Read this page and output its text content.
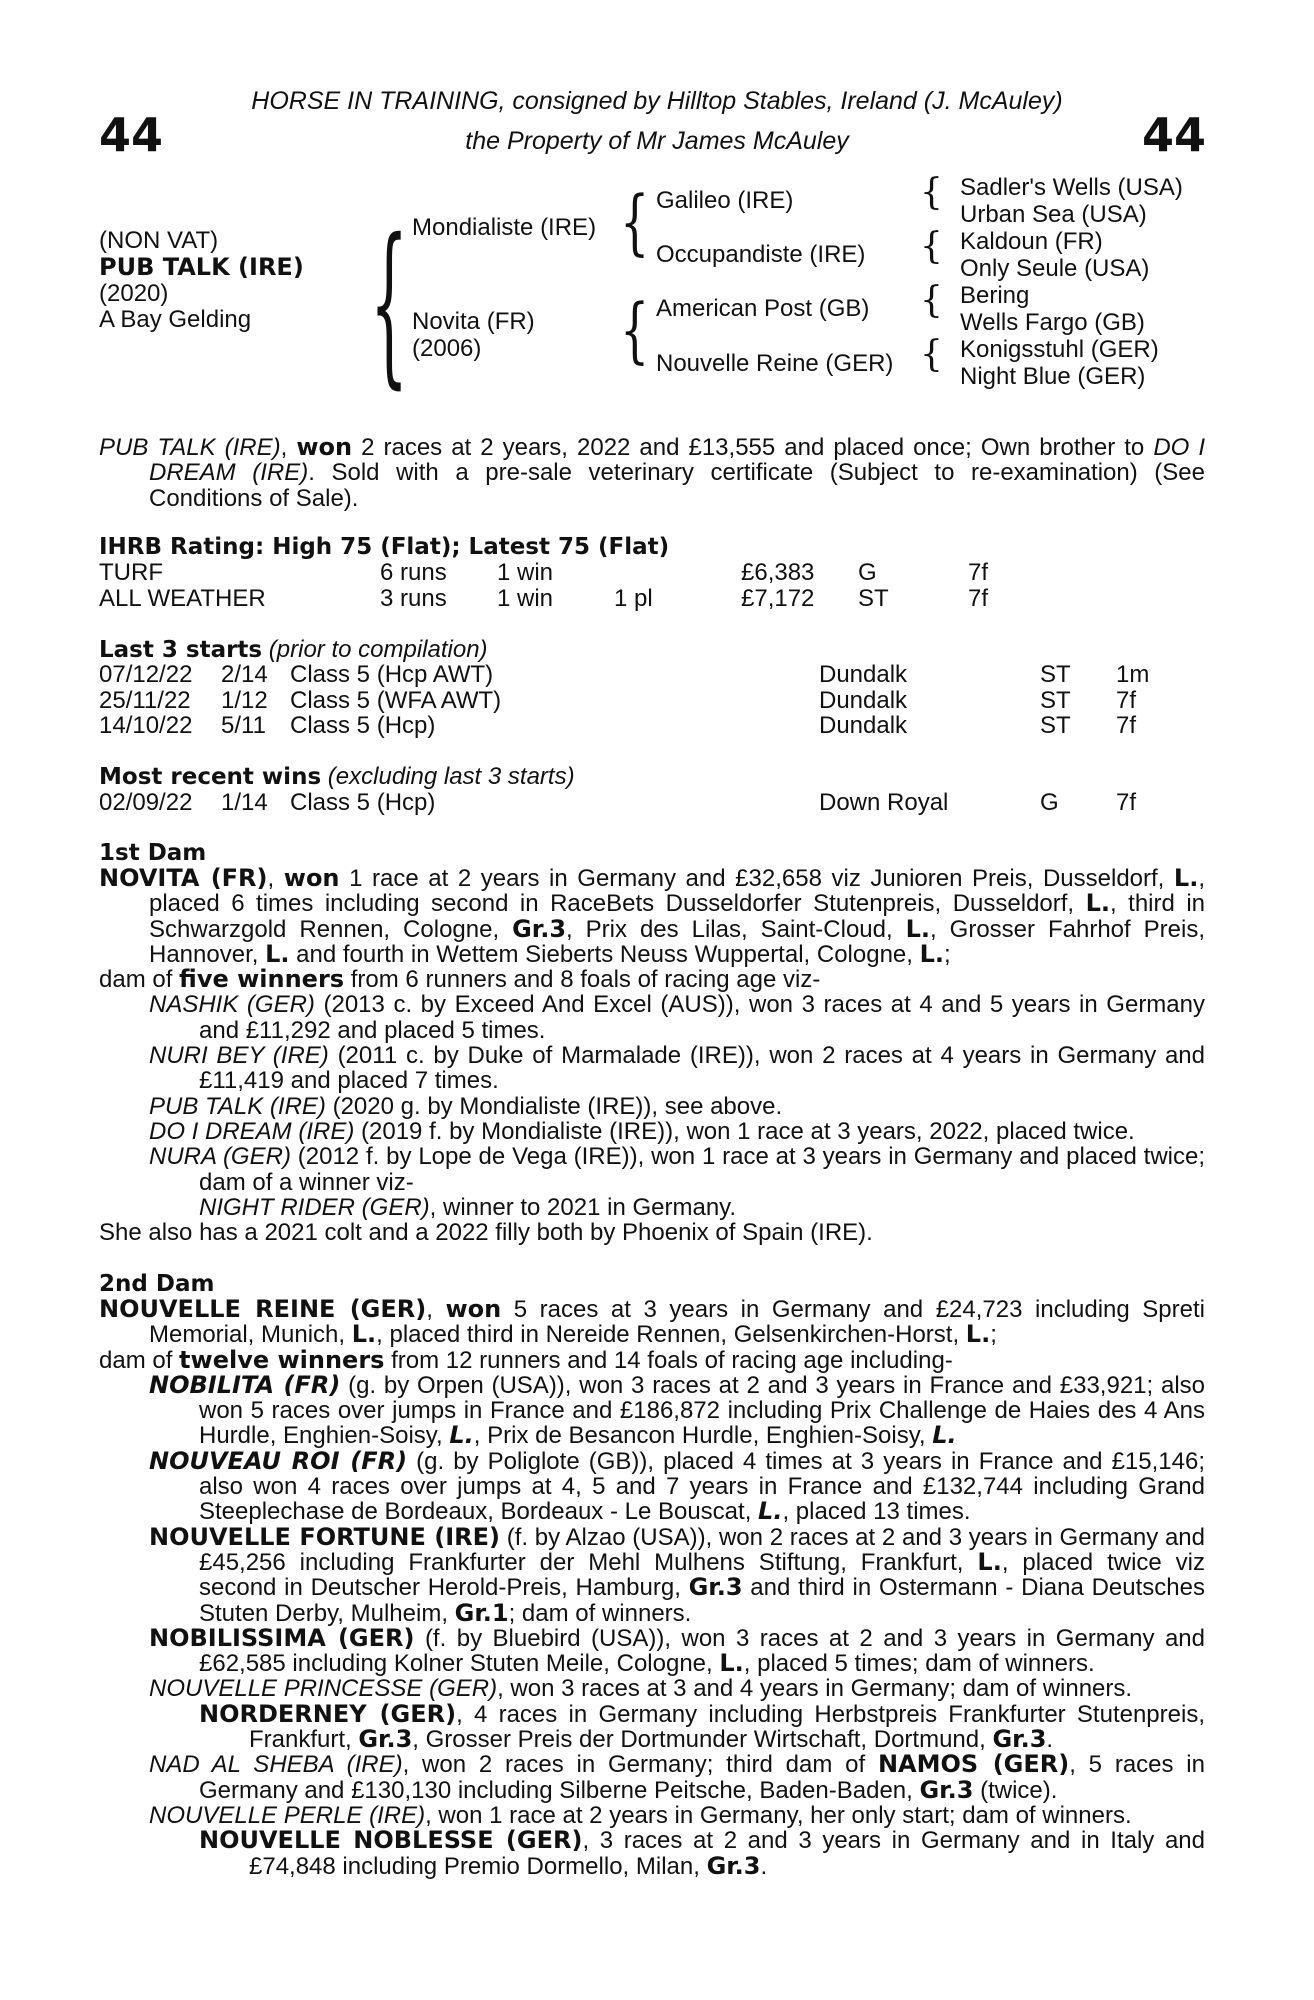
44	44
HORSE IN TRAINING, consigned by Hilltop Stables, Ireland (J. McAuley)
the Property of Mr James McAuley
(NON VAT)
PUB TALK (IRE)
(2020)
A Bay Gelding {	{
{
{
{
{
{
Mondialiste (IRE)
Novita (FR)
(2006)
Galileo (IRE)
Occupandiste (IRE)
American Post (GB)
Nouvelle Reine (GER)
Sadler's Wells (USA)
Urban Sea (USA)
Kaldoun (FR)
Only Seule (USA)
Bering
Wells Fargo (GB)
Konigsstuhl (GER)
Night Blue (GER)

PUB TALK (IRE), won 2 races at 2 years, 2022 and £13,555 and placed once; Own brother to DO I DREAM (IRE). Sold with a pre-sale veterinary certificate (Subject to re-examination) (See Conditions of Sale).

IHRB Rating: High 75 (Flat); Latest 75 (Flat)
TURF	6 runs 1 win	£6,383 G	7f
ALL WEATHER	3 runs 1 win	1 pl	£7,172 ST	7f
Last 3 starts (prior to compilation)
07/12/22 2/14 Class 5 (Hcp AWT)	Dundalk	ST 1m
25/11/22 1/12 Class 5 (WFA AWT)	Dundalk	ST 7f
14/10/22 5/11 Class 5 (Hcp)	Dundalk	ST 7f
Most recent wins (excluding last 3 starts)
02/09/22 1/14 Class 5 (Hcp)	Down Royal	G 7f
1st Dam

NOVITA (FR), won 1 race at 2 years in Germany and £32,658 viz Junioren Preis, Dusseldorf, L., placed 6 times including second in RaceBets Dusseldorfer Stutenpreis, Dusseldorf, L., third in Schwarzgold Rennen, Cologne, Gr.3, Prix des Lilas, Saint-Cloud, L., Grosser Fahrhof Preis, Hannover, L. and fourth in Wettem Sieberts Neuss Wuppertal, Cologne, L.;

dam of five winners from 6 runners and 8 foals of racing age viz-

NASHIK (GER) (2013 c. by Exceed And Excel (AUS)), won 3 races at 4 and 5 years in Germany and £11,292 and placed 5 times.

NURI BEY (IRE) (2011 c. by Duke of Marmalade (IRE)), won 2 races at 4 years in Germany and £11,419 and placed 7 times.

PUB TALK (IRE) (2020 g. by Mondialiste (IRE)), see above.

DO I DREAM (IRE) (2019 f. by Mondialiste (IRE)), won 1 race at 3 years, 2022, placed twice.

NURA (GER) (2012 f. by Lope de Vega (IRE)), won 1 race at 3 years in Germany and placed twice; dam of a winner viz-

NIGHT RIDER (GER), winner to 2021 in Germany.

She also has a 2021 colt and a 2022 filly both by Phoenix of Spain (IRE).

2nd Dam

NOUVELLE REINE (GER), won 5 races at 3 years in Germany and £24,723 including Spreti Memorial, Munich, L., placed third in Nereide Rennen, Gelsenkirchen-Horst, L.;

dam of twelve winners from 12 runners and 14 foals of racing age including-

NOBILITA (FR) (g. by Orpen (USA)), won 3 races at 2 and 3 years in France and £33,921; also won 5 races over jumps in France and £186,872 including Prix Challenge de Haies des 4 Ans Hurdle, Enghien-Soisy, L., Prix de Besancon Hurdle, Enghien-Soisy, L.

NOUVEAU ROI (FR) (g. by Poliglote (GB)), placed 4 times at 3 years in France and £15,146; also won 4 races over jumps at 4, 5 and 7 years in France and £132,744 including Grand Steeplechase de Bordeaux, Bordeaux - Le Bouscat, L., placed 13 times.

NOUVELLE FORTUNE (IRE) (f. by Alzao (USA)), won 2 races at 2 and 3 years in Germany and £45,256 including Frankfurter der Mehl Mulhens Stiftung, Frankfurt, L., placed twice viz second in Deutscher Herold-Preis, Hamburg, Gr.3 and third in Ostermann - Diana Deutsches Stuten Derby, Mulheim, Gr.1; dam of winners.

NOBILISSIMA (GER) (f. by Bluebird (USA)), won 3 races at 2 and 3 years in Germany and £62,585 including Kolner Stuten Meile, Cologne, L., placed 5 times; dam of winners.

NOUVELLE PRINCESSE (GER), won 3 races at 3 and 4 years in Germany; dam of winners.

NORDERNEY (GER), 4 races in Germany including Herbstpreis Frankfurter Stutenpreis, Frankfurt, Gr.3, Grosser Preis der Dortmunder Wirtschaft, Dortmund, Gr.3.

NAD AL SHEBA (IRE), won 2 races in Germany; third dam of NAMOS (GER), 5 races in Germany and £130,130 including Silberne Peitsche, Baden-Baden, Gr.3 (twice).

NOUVELLE PERLE (IRE), won 1 race at 2 years in Germany, her only start; dam of winners.

NOUVELLE NOBLESSE (GER), 3 races at 2 and 3 years in Germany and in Italy and £74,848 including Premio Dormello, Milan, Gr.3.
